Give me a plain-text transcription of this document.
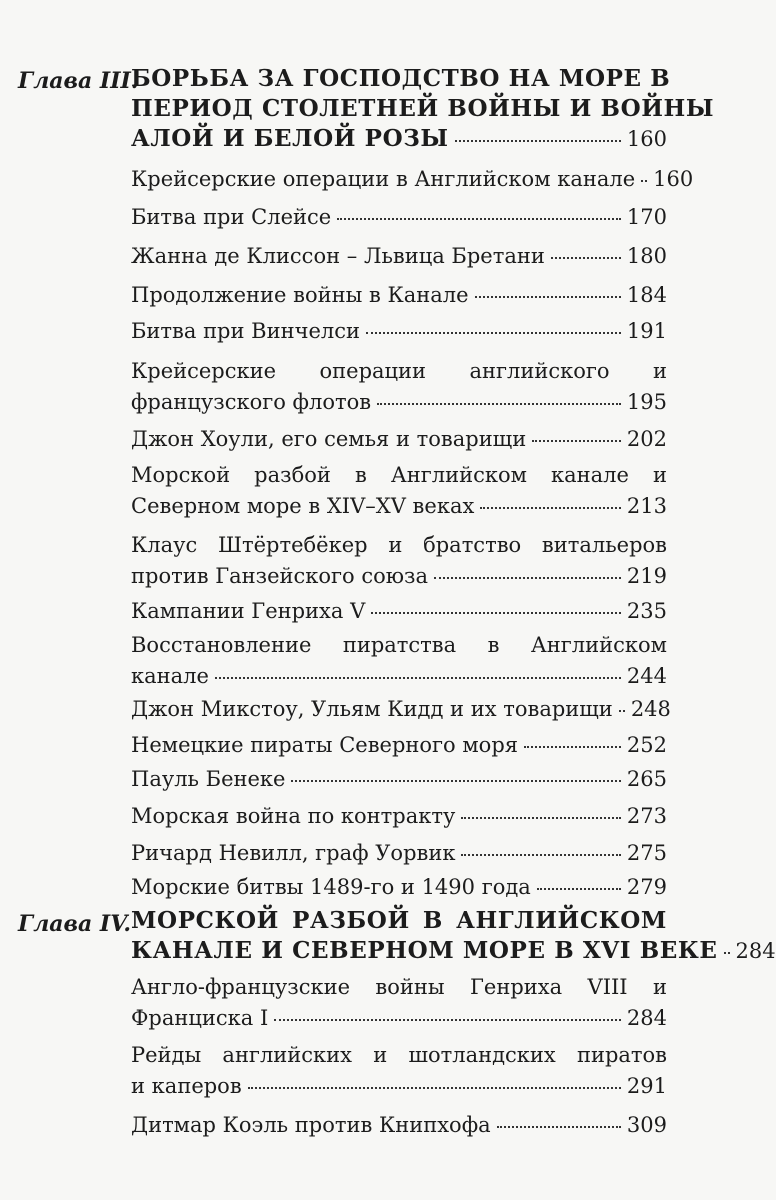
Глава III.
БОРЬБА ЗА ГОСПОДСТВО НА МОРЕ В
ПЕРИОД СТОЛЕТНЕЙ ВОЙНЫ И ВОЙНЫ
АЛОЙ И БЕЛОЙ РОЗЫ	160
Крейсерские операции в Английском канале 160
Битва при Слейсе	170
Жанна де Клиссон – Львица Бретани	180
Продолжение войны в Канале	184
Битва при Винчелси	191
Крейсерские операции английского и
французского флотов	195
Джон Хоули, его семья и товарищи	202
Морской разбой в Английском канале и
Северном море в XIV–XV веках	213
Клаус Штёртебёкер и братство витальеров
против Ганзейского союза	219
Кампании Генриха V	235
Восстановление пиратства в Английском
канале	244
Джон Микстоу, Ульям Кидд и их товарищи 248
Немецкие пираты Северного моря	252
Пауль Бенеке	265
Морская война по контракту	273
Ричард Невилл, граф Уорвик	275
Морские битвы 1489-го и 1490 года	279
Глава IV. МОРСКОЙ РАЗБОЙ В АНГЛИЙСКОМ
КАНАЛЕ И СЕВЕРНОМ МОРЕ В XVI ВЕКЕ 284
Англо-французские войны Генриха VIII и
Франциска I	284
Рейды английских и шотландских пиратов
и каперов	291
Дитмар Коэль против Книпхофа	309
